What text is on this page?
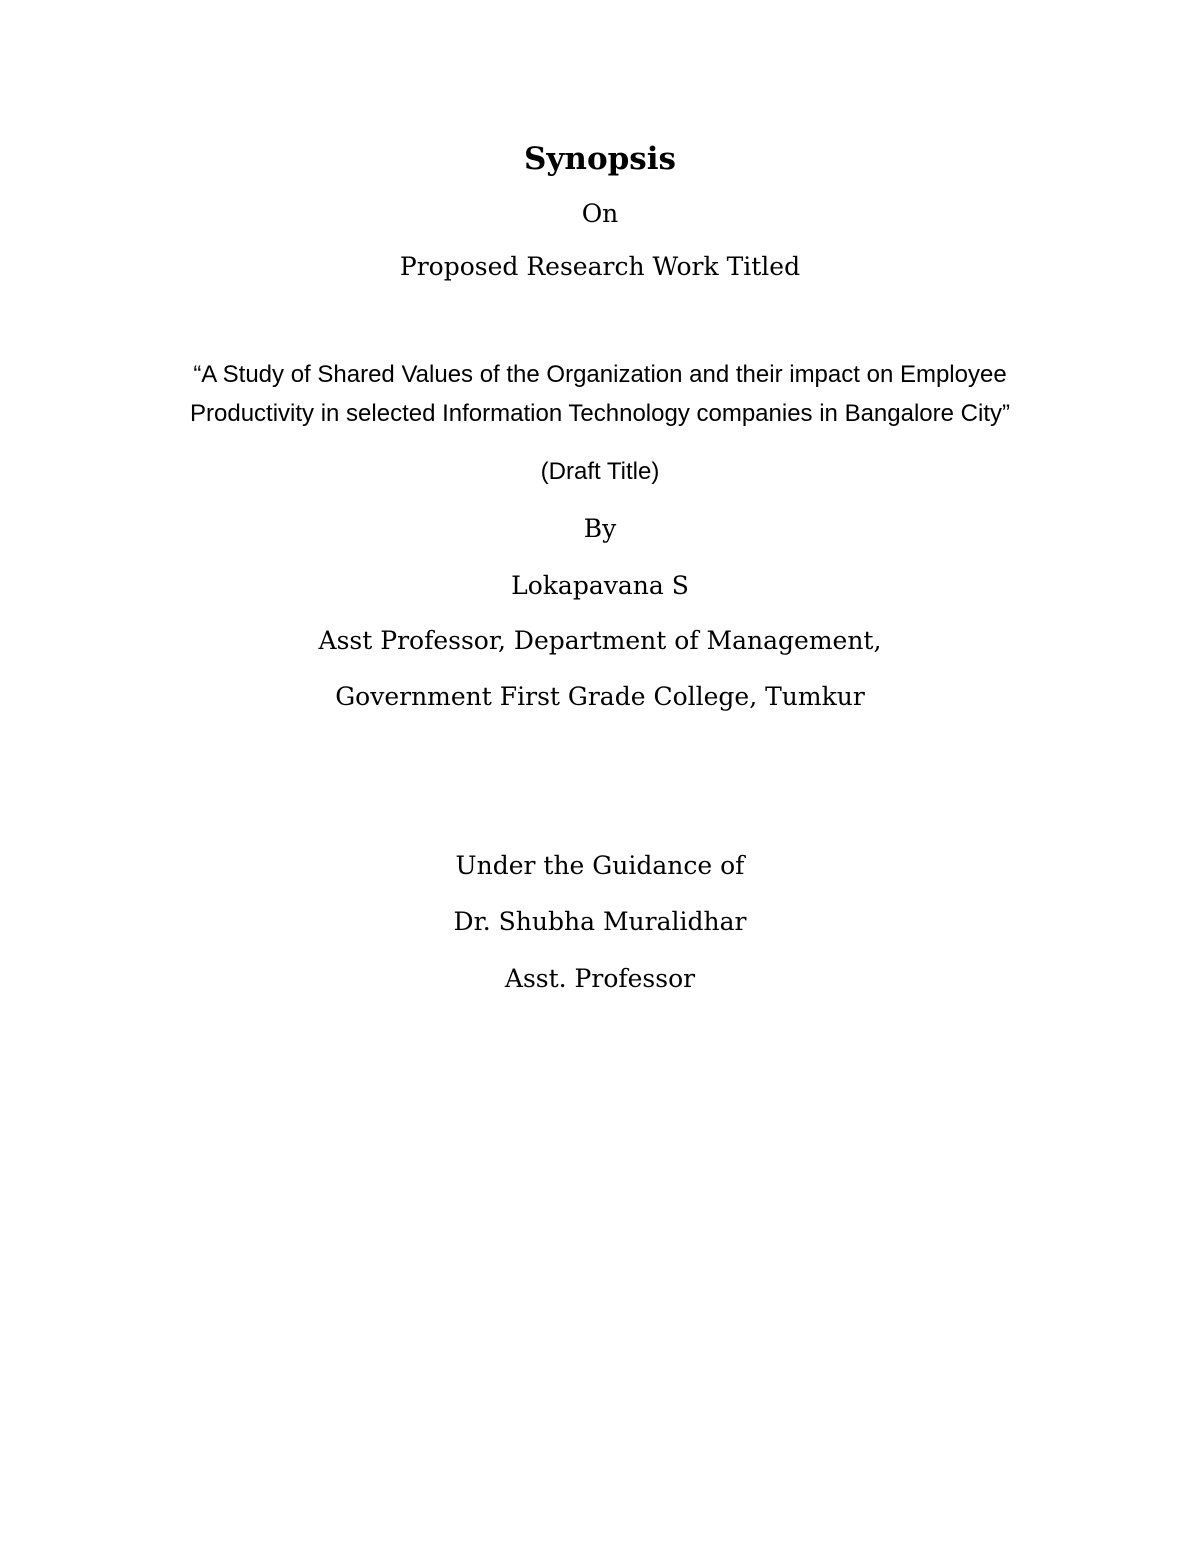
Synopsis
On
Proposed Research Work Titled
“A Study of Shared Values of the Organization and their impact on Employee
Productivity in selected Information Technology companies in Bangalore City”
(Draft Title)
By
Lokapavana S
Asst Professor, Department of Management,
Government First Grade College, Tumkur
Under the Guidance of
Dr. Shubha Muralidhar
Asst. Professor
